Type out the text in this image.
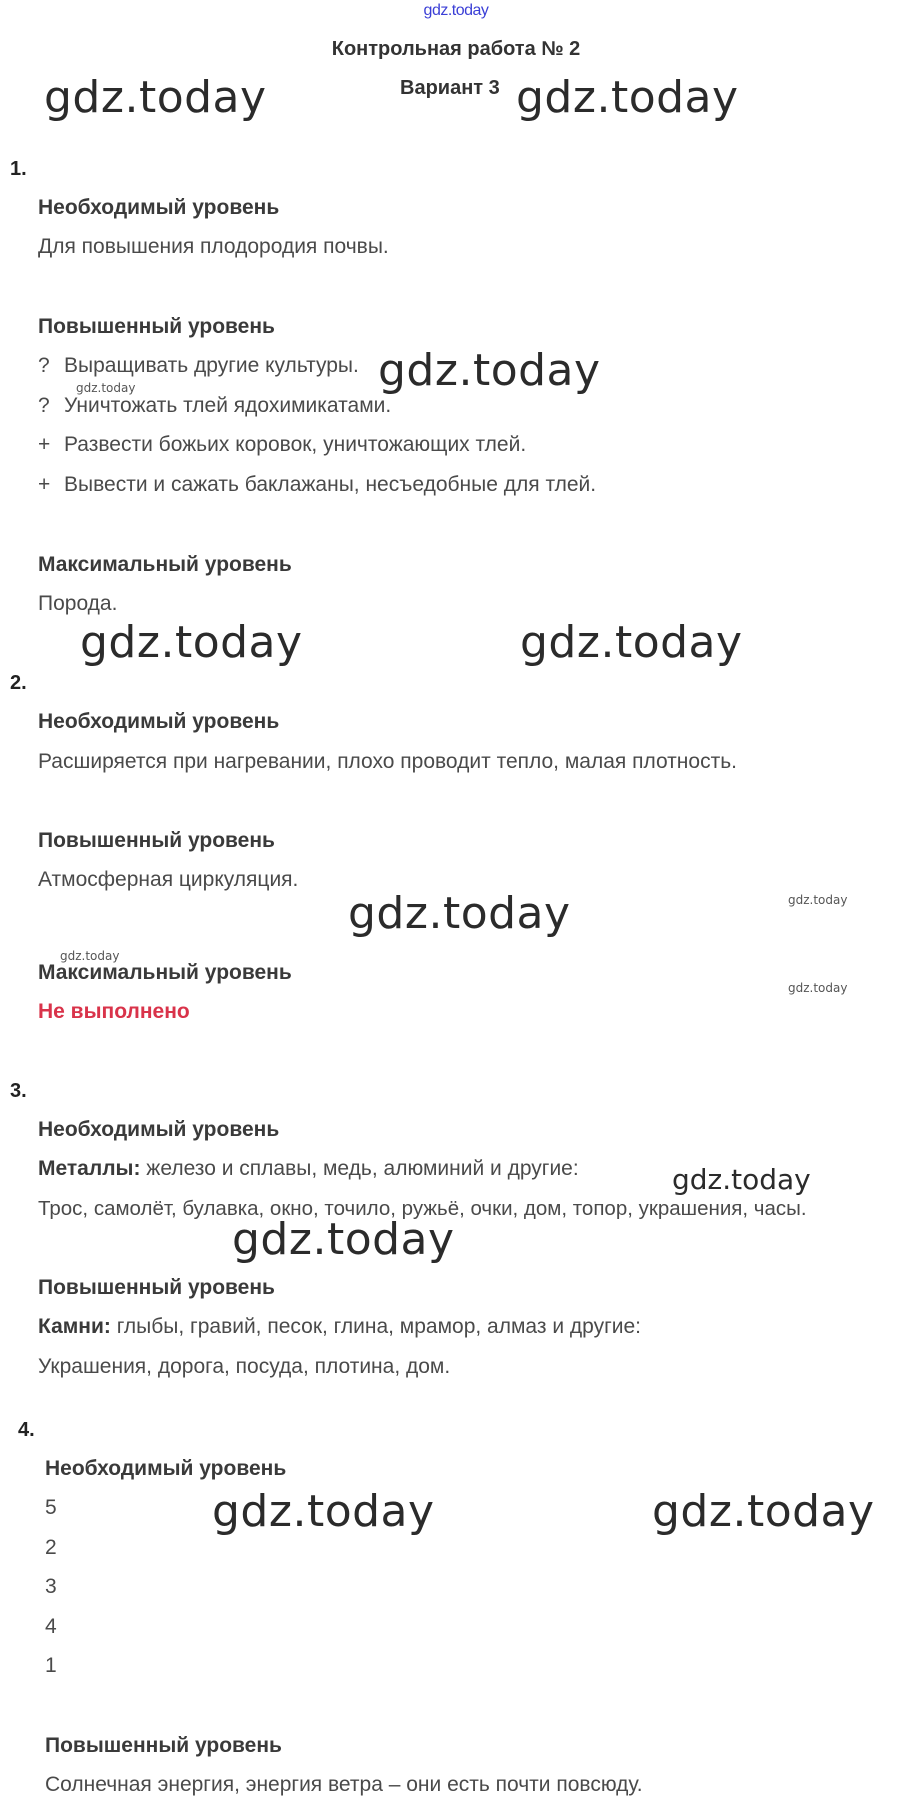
gdz.today
Контрольная работа № 2
Вариант 3
1.
Необходимый уровень
Для повышения плодородия почвы.
Повышенный уровень
? Выращивать другие культуры.
? Уничтожать тлей ядохимикатами.
+ Развести божьих коровок, уничтожающих тлей.
+ Вывести и сажать баклажаны, несъедобные для тлей.
Максимальный уровень
Порода.
2.
Необходимый уровень
Расширяется при нагревании, плохо проводит тепло, малая плотность.
Повышенный уровень
Атмосферная циркуляция.
Максимальный уровень
Не выполнено
3.
Необходимый уровень
Металлы: железо и сплавы, медь, алюминий и другие:
Трос, самолёт, булавка, окно, точило, ружьё, очки, дом, топор, украшения, часы.
Повышенный уровень
Камни: глыбы, гравий, песок, глина, мрамор, алмаз и другие:
Украшения, дорога, посуда, плотина, дом.
4.
Необходимый уровень
5
2
3
4
1
Повышенный уровень
Солнечная энергия, энергия ветра – они есть почти повсюду.
gdz.today	gdz.today
gdz.today
gdz.today	gdz.today
gdz.today
gdz.today
gdz.today	gdz.today
gdz.today
gdz.today
gdz.today
gdz.today
gdz.today
